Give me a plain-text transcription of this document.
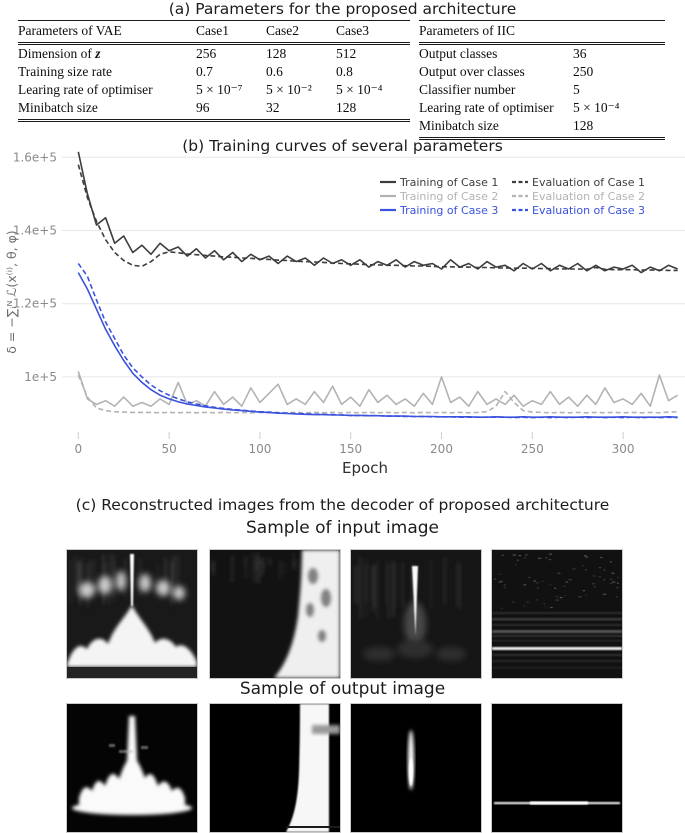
(a) Parameters for the proposed architecture
Parameters of VAE	Case1	Case2	Case3
Dimension of z	256	128	512
Training size rate	0.7	0.6	0.8
Learing rate of optimiser	5 × 10⁻⁷	5 × 10⁻²	5 × 10⁻⁴
Minibatch size	96	32	128
Parameters of IIC	
Output classes	36
Output over classes	250
Classifier number	5
Learing rate of optimiser	5 × 10⁻⁴
Minibatch size	128
(b) Training curves of several parameters
1e+5
1.2e+5
1.4e+5
1.6e+5
0	50	100	150	200	250	300
Epoch
δ = −∑ᵢᴺ ℒ(x⁽ⁱ⁾, θ, φ)
Training of Case 1
Training of Case 2
Training of Case 3
Evaluation of Case 1
Evaluation of Case 2
Evaluation of Case 3
(c) Reconstructed images from the decoder of proposed architecture
Sample of input image
Sample of output image
